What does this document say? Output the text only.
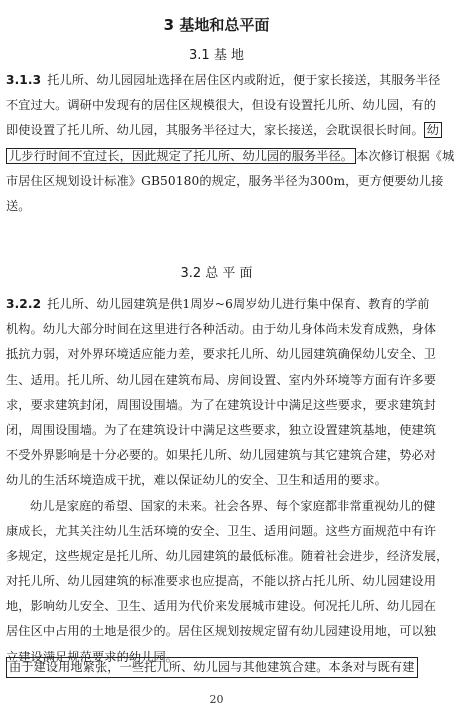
3 基地和总平面
3.1 基 地
3.1.3 托儿所、幼儿园园址选择在居住区内或附近，便于家长接送，其服务半径
不宜过大。调研中发现有的居住区规模很大，但设有设置托儿所、幼儿园，有的
即使设置了托儿所、幼儿园，其服务半径过大，家长接送，会耽误很长时间。 幼
儿步行时间不宜过长，因此规定了托儿所、幼儿园的服务半径。 本次修订根据《城
市居住区规划设计标准》GB50180的规定，服务半径为300m，更方便要幼儿接
送。
3.2 总 平 面
3.2.2 托儿所、幼儿园建筑是供1周岁~6周岁幼儿进行集中保育、教育的学前
机构。幼儿大部分时间在这里进行各种活动。由于幼儿身体尚未发育成熟，身体
抵抗力弱，对外界环境适应能力差，要求托儿所、幼儿园建筑确保幼儿安全、卫
生、适用。托儿所、幼儿园在建筑布局、房间设置、室内外环境等方面有许多要
求，要求建筑封闭，周围设围墙。为了在建筑设计中满足这些要求，要求建筑封
闭，周围设围墙。为了在建筑设计中满足这些要求，独立设置建筑基地，使建筑
不受外界影响是十分必要的。如果托儿所、幼儿园建筑与其它建筑合建，势必对
幼儿的生活环境造成干扰，难以保证幼儿的安全、卫生和适用的要求。
幼儿是家庭的希望、国家的未来。社会各界、每个家庭都非常重视幼儿的健
康成长，尤其关注幼儿生活环境的安全、卫生、适用问题。这些方面规范中有许
多规定，这些规定是托儿所、幼儿园建筑的最低标准。随着社会进步，经济发展，
对托儿所、幼儿园建筑的标准要求也应提高，不能以挤占托儿所、幼儿园建设用
地，影响幼儿安全、卫生、适用为代价来发展城市建设。何况托儿所、幼儿园在
居住区中占用的土地是很少的。居住区规划按规定留有幼儿园建设用地，可以独
立建设满足规范要求的幼儿园。
由于建设用地紧张，一些托儿所、幼儿园与其他建筑合建。本条对与既有建
20
